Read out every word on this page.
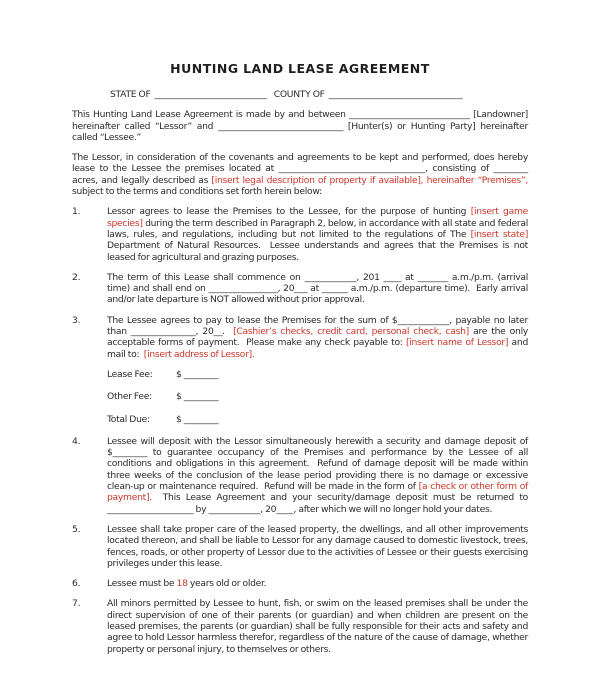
HUNTING LAND LEASE AGREEMENT
STATE OF __________________________ COUNTY OF _______________________________

This Hunting Land Lease Agreement is made by and between ____________________________ [Landowner] hereinafter called “Lessor” and _____________________________ [Hunter(s) or Hunting Party] hereinafter called “Lessee.”

The Lessor, in consideration of the covenants and agreements to be kept and performed, does hereby lease to the Lessee the premises located at __________________________________, consisting of ________ acres, and legally described as [insert legal description of property if available], hereinafter “Premises”, subject to the terms and conditions set forth herein below:

1.	Lessor agrees to lease the Premises to the Lessee, for the purpose of hunting [insert game species] during the term described in Paragraph 2, below, in accordance with all state and federal laws, rules, and regulations, including but not limited to the regulations of The [insert state] Department of Natural Resources.  Lessee understands and agrees that the Premises is not leased for agricultural and grazing purposes.
2.	The term of this Lease shall commence on ____________, 201 ____ at _______ a.m./p.m. (arrival time) and shall end on ________________, 20___ at ______ a.m./p.m. (departure time).  Early arrival and/or late departure is NOT allowed without prior approval.
3.	The Lessee agrees to pay to lease the Premises for the sum of $____________, payable no later than _______________, 20__.  [Cashier’s checks, credit card, personal check, cash] are the only acceptable forms of payment.  Please make any check payable to: [insert name of Lessor] and mail to:  [insert address of Lessor].
Lease Fee:	$ ________
Other Fee:	$ ________
Total Due:	$ ________
4.	Lessee will deposit with the Lessor simultaneously herewith a security and damage deposit of $________ to guarantee occupancy of the Premises and performance by the Lessee of all conditions and obligations in this agreement.  Refund of damage deposit will be made within three weeks of the conclusion of the lease period providing there is no damage or excessive clean-up or maintenance required.  Refund will be made in the form of [a check or other form of payment].  This Lease Agreement and your security/damage deposit must be returned to ____________________ by ____________, 20____, after which we will no longer hold your dates.
5.	Lessee shall take proper care of the leased property, the dwellings, and all other improvements located thereon, and shall be liable to Lessor for any damage caused to domestic livestock, trees, fences, roads, or other property of Lessor due to the activities of Lessee or their guests exercising privileges under this lease.
6.	Lessee must be 18 years old or older.
7.	All minors permitted by Lessee to hunt, fish, or swim on the leased premises shall be under the direct supervision of one of their parents (or guardian) and when children are present on the leased premises, the parents (or guardian) shall be fully responsible for their acts and safety and agree to hold Lessor harmless therefor, regardless of the nature of the cause of damage, whether property or personal injury, to themselves or others.
